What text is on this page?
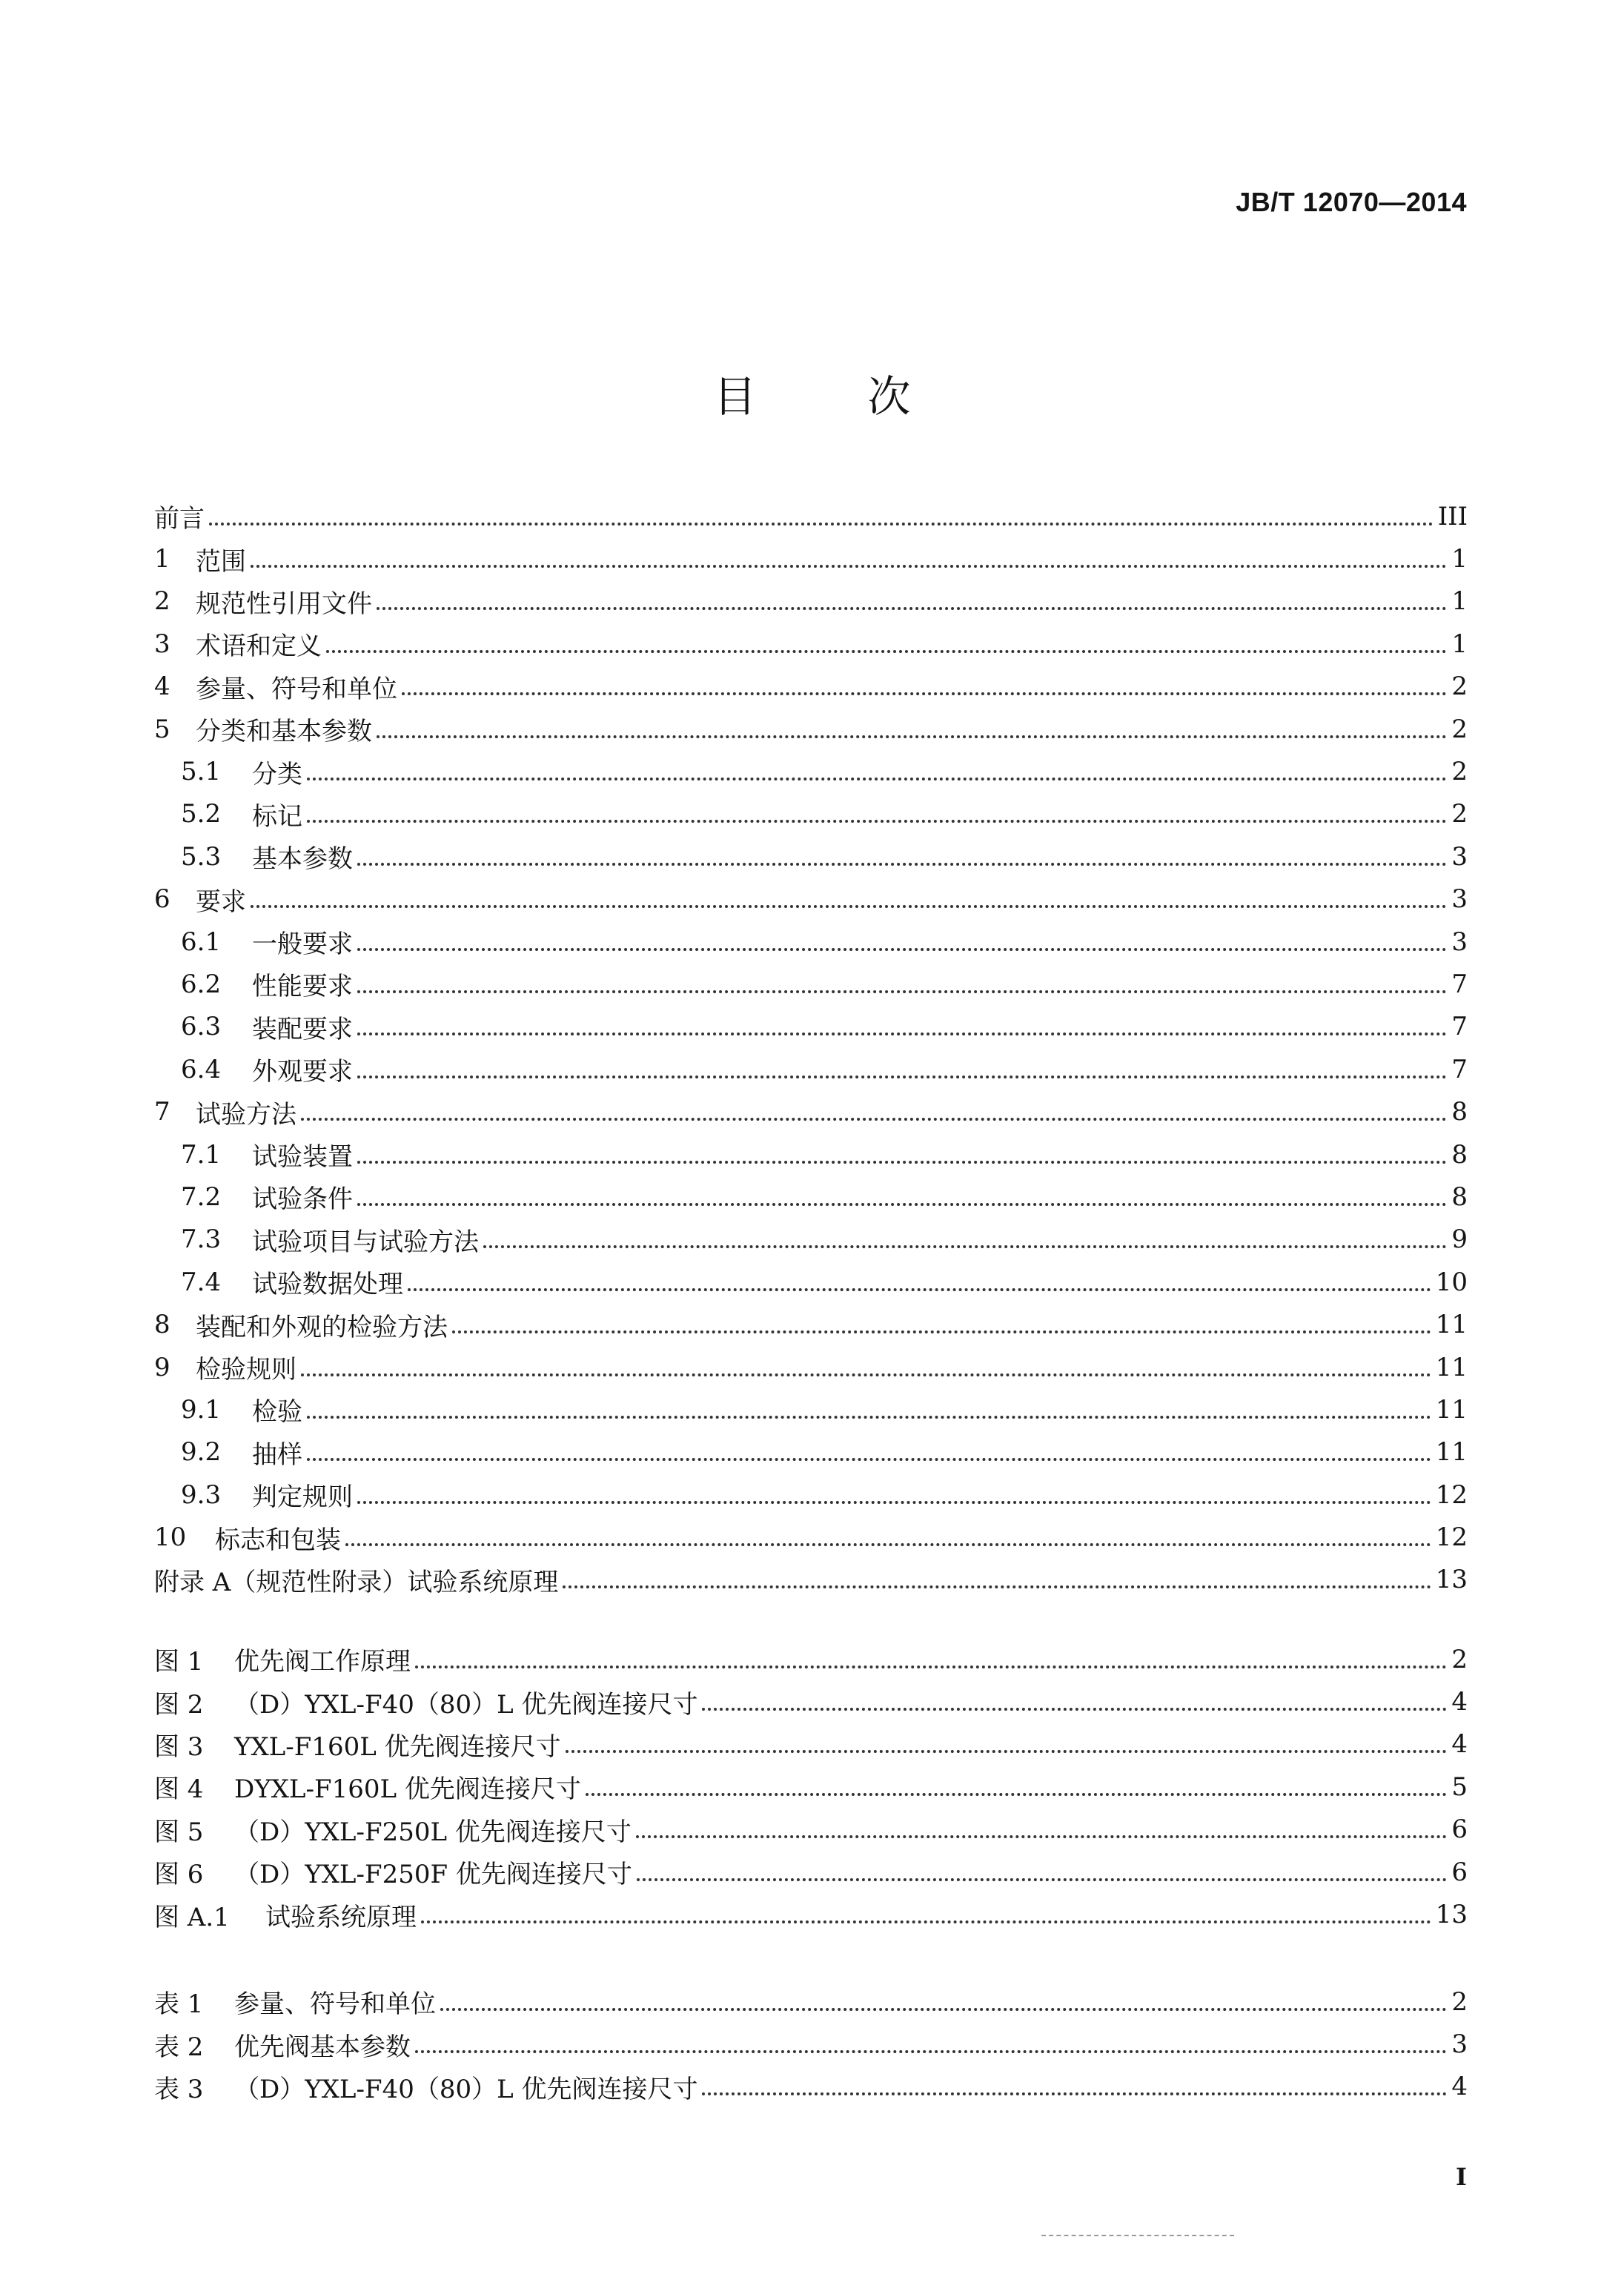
JB/T 12070—2014
目次
前言	III
1	范围	1
2	规范性引用文件	1
3	术语和定义	1
4	参量、符号和单位	2
5	分类和基本参数	2
5.1	分类	2
5.2	标记	2
5.3	基本参数	3
6	要求	3
6.1	一般要求	3
6.2	性能要求	7
6.3	装配要求	7
6.4	外观要求	7
7	试验方法	8
7.1	试验装置	8
7.2	试验条件	8
7.3	试验项目与试验方法	9
7.4	试验数据处理	10
8	装配和外观的检验方法	11
9	检验规则	11
9.1	检验	11
9.2	抽样	11
9.3	判定规则	12
10	标志和包装	12
附录 A（规范性附录）试验系统原理	13
图 1	优先阀工作原理	2
图 2	（D）YXL-F40（80）L 优先阀连接尺寸	4
图 3	YXL-F160L 优先阀连接尺寸	4
图 4	DYXL-F160L 优先阀连接尺寸	5
图 5	（D）YXL-F250L 优先阀连接尺寸	6
图 6	（D）YXL-F250F 优先阀连接尺寸	6
图 A.1	试验系统原理	13
表 1	参量、符号和单位	2
表 2	优先阀基本参数	3
表 3	（D）YXL-F40（80）L 优先阀连接尺寸	4
I
